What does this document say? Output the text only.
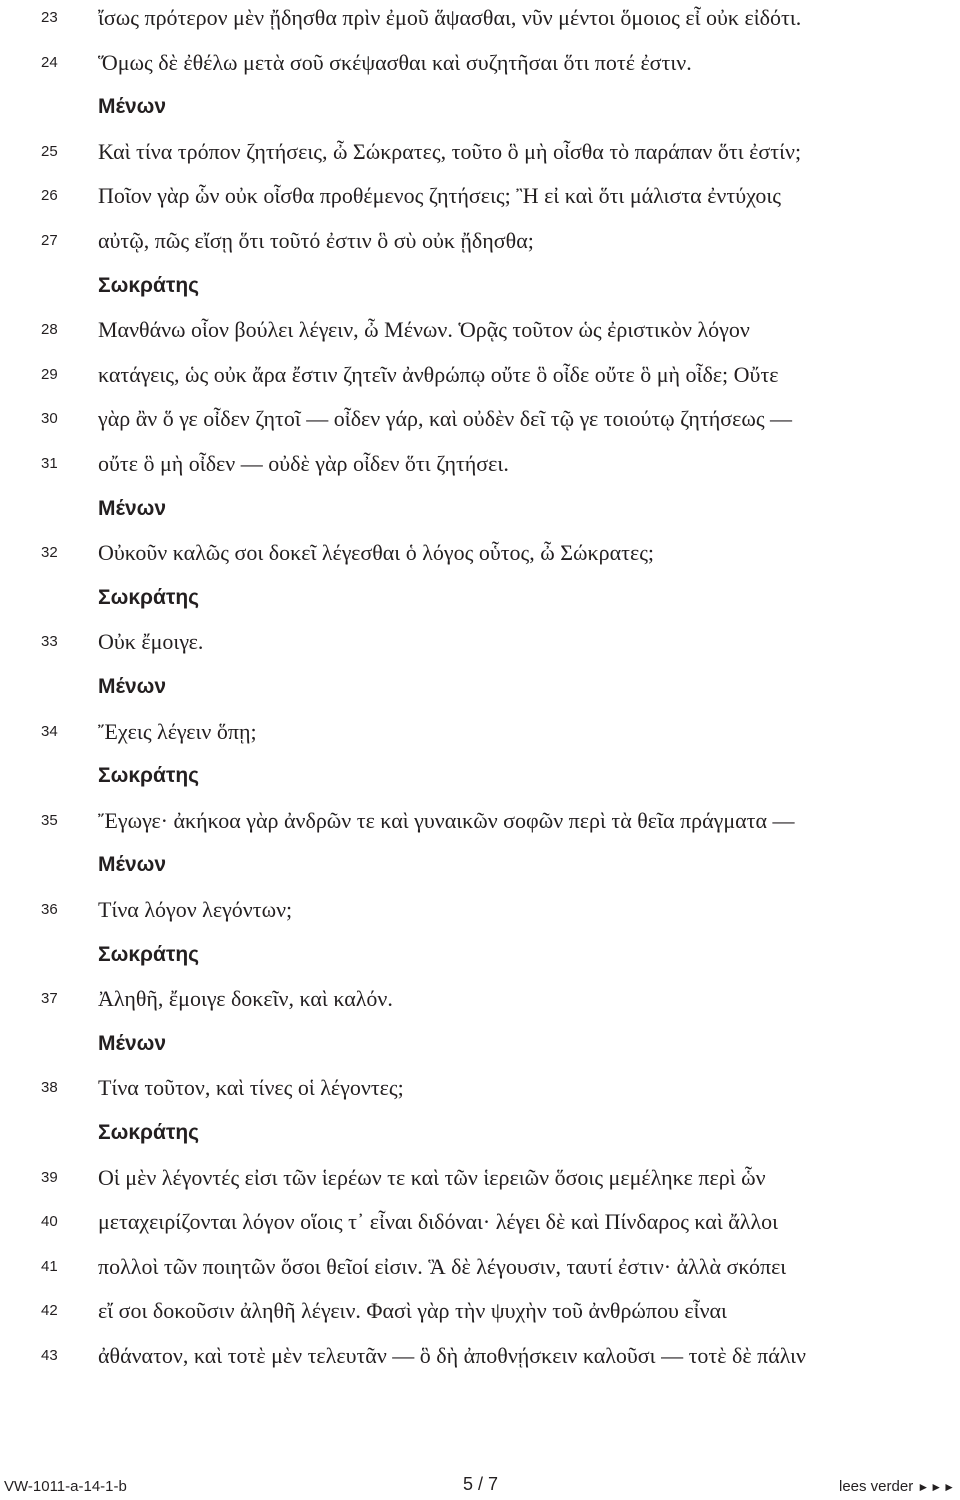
23 ἴσως πρότερον μὲν ᾔδησθα πρὶν ἐμοῦ ἅψασθαι, νῦν μέντοι ὅμοιος εἶ οὐκ εἰδότι.
24 Ὅμως δὲ ἐθέλω μετὰ σοῦ σκέψασθαι καὶ συζητῆσαι ὅτι ποτέ ἐστιν.
Μένων
25 Καὶ τίνα τρόπον ζητήσεις, ὦ Σώκρατες, τοῦτο ὃ μὴ οἶσθα τὸ παράπαν ὅτι ἐστίν;
26 Ποῖον γὰρ ὧν οὐκ οἶσθα προθέμενος ζητήσεις; Ἢ εἰ καὶ ὅτι μάλιστα ἐντύχοις
27 αὐτῷ, πῶς εἴσῃ ὅτι τοῦτό ἐστιν ὃ σὺ οὐκ ᾔδησθα;
Σωκράτης
28 Μανθάνω οἷον βούλει λέγειν, ὦ Μένων. Ὁρᾷς τοῦτον ὡς ἐριστικὸν λόγον
29 κατάγεις, ὡς οὐκ ἄρα ἔστιν ζητεῖν ἀνθρώπῳ οὔτε ὃ οἶδε οὔτε ὃ μὴ οἶδε; Οὔτε
30 γὰρ ἂν ὅ γε οἶδεν ζητοῖ ― οἶδεν γάρ, καὶ οὐδὲν δεῖ τῷ γε τοιούτῳ ζητήσεως ―
31 οὔτε ὃ μὴ οἶδεν ― οὐδὲ γὰρ οἶδεν ὅτι ζητήσει.
Μένων
32 Οὐκοῦν καλῶς σοι δοκεῖ λέγεσθαι ὁ λόγος οὗτος, ὦ Σώκρατες;
Σωκράτης
33 Οὐκ ἔμοιγε.
Μένων
34 Ἔχεις λέγειν ὅπῃ;
Σωκράτης
35 Ἔγωγε· ἀκήκοα γὰρ ἀνδρῶν τε καὶ γυναικῶν σοφῶν περὶ τὰ θεῖα πράγματα ―
Μένων
36 Τίνα λόγον λεγόντων;
Σωκράτης
37 Ἀληθῆ, ἔμοιγε δοκεῖν, καὶ καλόν.
Μένων
38 Τίνα τοῦτον, καὶ τίνες οἱ λέγοντες;
Σωκράτης
39 Οἱ μὲν λέγοντές εἰσι τῶν ἱερέων τε καὶ τῶν ἱερειῶν ὅσοις μεμέληκε περὶ ὧν
40 μεταχειρίζονται λόγον οἵοις τ᾽ εἶναι διδόναι· λέγει δὲ καὶ Πίνδαρος καὶ ἄλλοι
41 πολλοὶ τῶν ποιητῶν ὅσοι θεῖοί εἰσιν. Ἃ δὲ λέγουσιν, ταυτί ἐστιν· ἀλλὰ σκόπει
42 εἴ σοι δοκοῦσιν ἀληθῆ λέγειν. Φασὶ γὰρ τὴν ψυχὴν τοῦ ἀνθρώπου εἶναι
43 ἀθάνατον, καὶ τοτὲ μὲν τελευτᾶν ― ὃ δὴ ἀποθνῄσκειν καλοῦσι ― τοτὲ δὲ πάλιν
VW-1011-a-14-1-b	5 / 7	lees verder ►►►
